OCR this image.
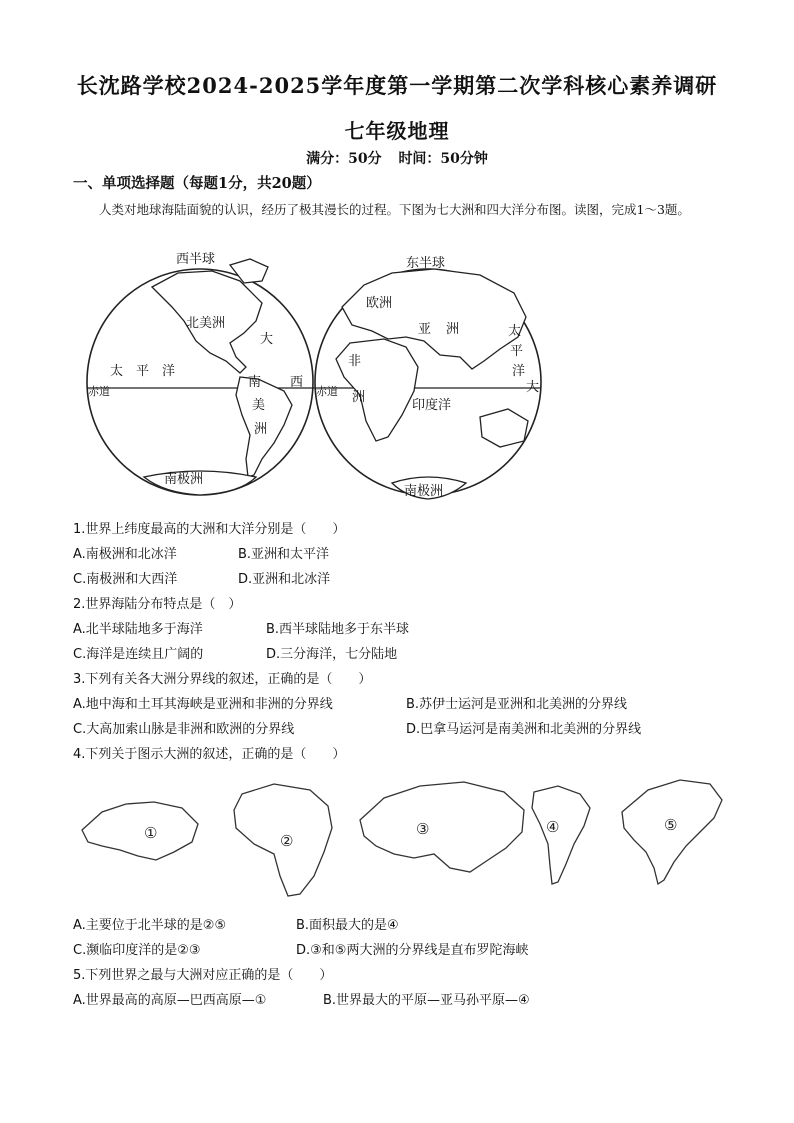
长沈路学校2024-2025学年度第一学期第二次学科核心素养调研
七年级地理
满分：50分 时间：50分钟
一、单项选择题（每题1分，共20题）
人类对地球海陆面貌的认识，经历了极其漫长的过程。下图为七大洲和四大洋分布图。读图，完成1～3题。
西半球	东半球
北美洲
太 平 洋
赤道
大
西
南
美
洲
南极洲
欧洲
亚 洲
非
洲
赤道
印度洋
太
平
洋
大
南极洲
1.世界上纬度最高的大洲和大洋分别是（　　）
A.南极洲和北冰洋	B.亚洲和太平洋
C.南极洲和大西洋	D.亚洲和北冰洋
2.世界海陆分布特点是（　）
A.北半球陆地多于海洋	B.西半球陆地多于东半球
C.海洋是连续且广阔的	D.三分海洋，七分陆地
3.下列有关各大洲分界线的叙述，正确的是（　　）
A.地中海和土耳其海峡是亚洲和非洲的分界线	B.苏伊士运河是亚洲和北美洲的分界线
C.大高加索山脉是非洲和欧洲的分界线	D.巴拿马运河是南美洲和北美洲的分界线
4.下列关于图示大洲的叙述，正确的是（　　）
①	②
③	④	⑤
A.主要位于北半球的是②⑤	B.面积最大的是④
C.濒临印度洋的是②③	D.③和⑤两大洲的分界线是直布罗陀海峡
5.下列世界之最与大洲对应正确的是（　　）
A.世界最高的高原—巴西高原—①	B.世界最大的平原—亚马孙平原—④
